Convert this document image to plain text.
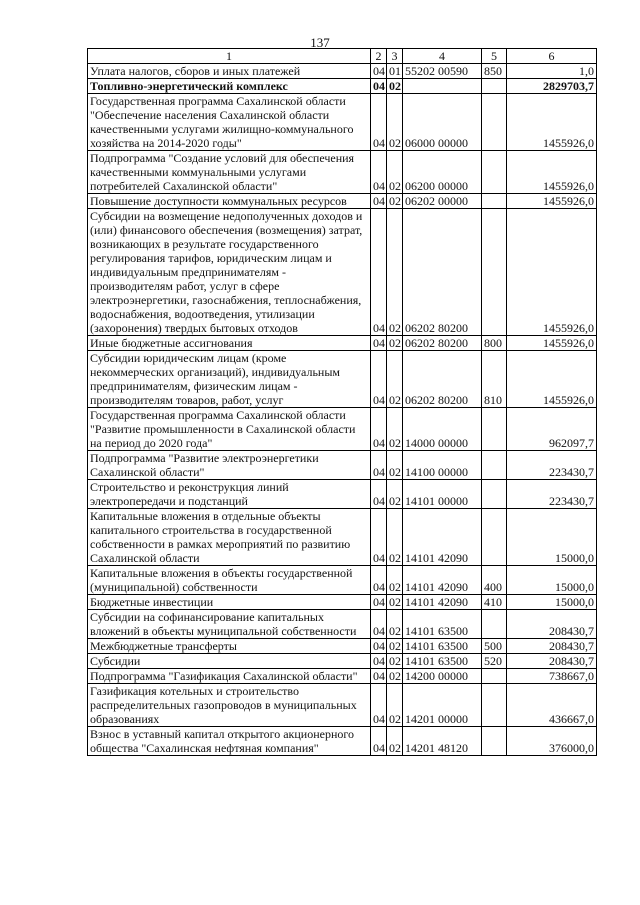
137
1	2	3	4	5	6
Уплата налогов, сборов и иных платежей	04	01	55202 00590	850	1,0
Топливно-энергетический комплекс	04	02			2829703,7
Государственная программа Сахалинской области "Обеспечение населения Сахалинской области качественными услугами жилищно-коммунального хозяйства на 2014-2020 годы"	04	02	06000 00000		1455926,0
Подпрограмма "Создание условий для обеспечения качественными коммунальными услугами потребителей Сахалинской области"	04	02	06200 00000		1455926,0
Повышение доступности коммунальных ресурсов	04	02	06202 00000		1455926,0
Субсидии на возмещение недополученных доходов и (или) финансового обеспечения (возмещения) затрат, возникающих в результате государственного регулирования тарифов, юридическим лицам и индивидуальным предпринимателям - производителям работ, услуг в сфере электроэнергетики, газоснабжения, теплоснабжения, водоснабжения, водоотведения, утилизации (захоронения) твердых бытовых отходов	04	02	06202 80200		1455926,0
Иные бюджетные ассигнования	04	02	06202 80200	800	1455926,0
Субсидии юридическим лицам (кроме некоммерческих организаций), индивидуальным предпринимателям, физическим лицам - производителям товаров, работ, услуг	04	02	06202 80200	810	1455926,0
Государственная программа Сахалинской области "Развитие промышленности в Сахалинской области на период до 2020 года"	04	02	14000 00000		962097,7
Подпрограмма "Развитие электроэнергетики Сахалинской области"	04	02	14100 00000		223430,7
Строительство и реконструкция линий электропередачи и подстанций	04	02	14101 00000		223430,7
Капитальные вложения в отдельные объекты капитального строительства в государственной собственности в рамках мероприятий по развитию Сахалинской области	04	02	14101 42090		15000,0
Капитальные вложения в объекты государственной (муниципальной) собственности	04	02	14101 42090	400	15000,0
Бюджетные инвестиции	04	02	14101 42090	410	15000,0
Субсидии на софинансирование капитальных вложений в объекты муниципальной собственности	04	02	14101 63500		208430,7
Межбюджетные трансферты	04	02	14101 63500	500	208430,7
Субсидии	04	02	14101 63500	520	208430,7
Подпрограмма "Газификация Сахалинской области"	04	02	14200 00000		738667,0
Газификация котельных и строительство распределительных газопроводов в муниципальных образованиях	04	02	14201 00000		436667,0
Взнос в уставный капитал открытого акционерного общества "Сахалинская нефтяная компания"	04	02	14201 48120		376000,0
